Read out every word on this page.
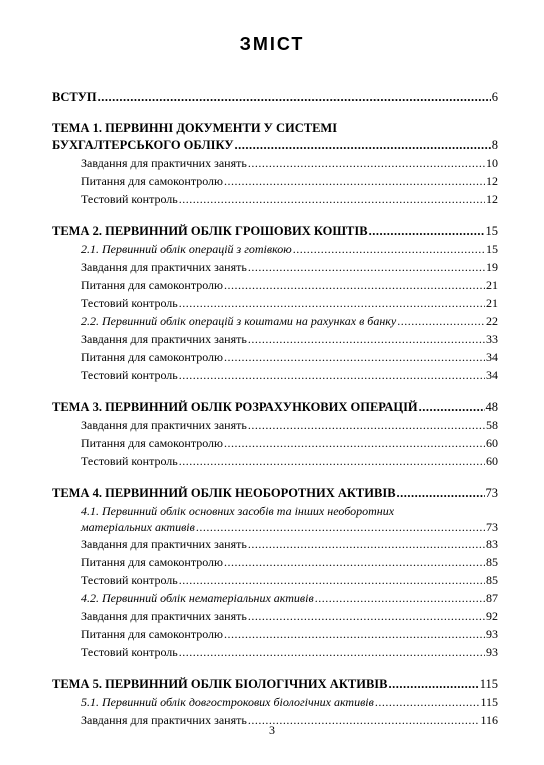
ЗМІСТ
ВСТУП .....	6
ТЕМА 1. ПЕРВИННІ ДОКУМЕНТИ У СИСТЕМІ
БУХГАЛТЕРСЬКОГО ОБЛІКУ .....	8
Завдання для практичних занять .....	10
Питання для самоконтролю .....	12
Тестовий контроль .....	12
ТЕМА 2. ПЕРВИННИЙ ОБЛІК ГРОШОВИХ КОШТІВ .....	15
2.1. Первинний облік операцій з готівкою .....	15
Завдання для практичних занять .....	19
Питання для самоконтролю .....	21
Тестовий контроль .....	21
2.2. Первинний облік операцій з коштами на рахунках в банку .....	22
Завдання для практичних занять .....	33
Питання для самоконтролю .....	34
Тестовий контроль .....	34
ТЕМА 3. ПЕРВИННИЙ ОБЛІК РОЗРАХУНКОВИХ ОПЕРАЦІЙ .....	48
Завдання для практичних занять .....	58
Питання для самоконтролю .....	60
Тестовий контроль .....	60
ТЕМА 4. ПЕРВИННИЙ ОБЛІК НЕОБОРОТНИХ АКТИВІВ .....	73
4.1. Первинний облік основних засобів та інших необоротних
матеріальних активів .....	73
Завдання для практичних занять .....	83
Питання для самоконтролю .....	85
Тестовий контроль .....	85
4.2. Первинний облік нематеріальних активів .....	87
Завдання для практичних занять .....	92
Питання для самоконтролю .....	93
Тестовий контроль .....	93
ТЕМА 5. ПЕРВИННИЙ ОБЛІК БІОЛОГІЧНИХ АКТИВІВ .....	115
5.1. Первинний облік довгострокових біологічних активів .....	115
Завдання для практичних занять .....	116
3
